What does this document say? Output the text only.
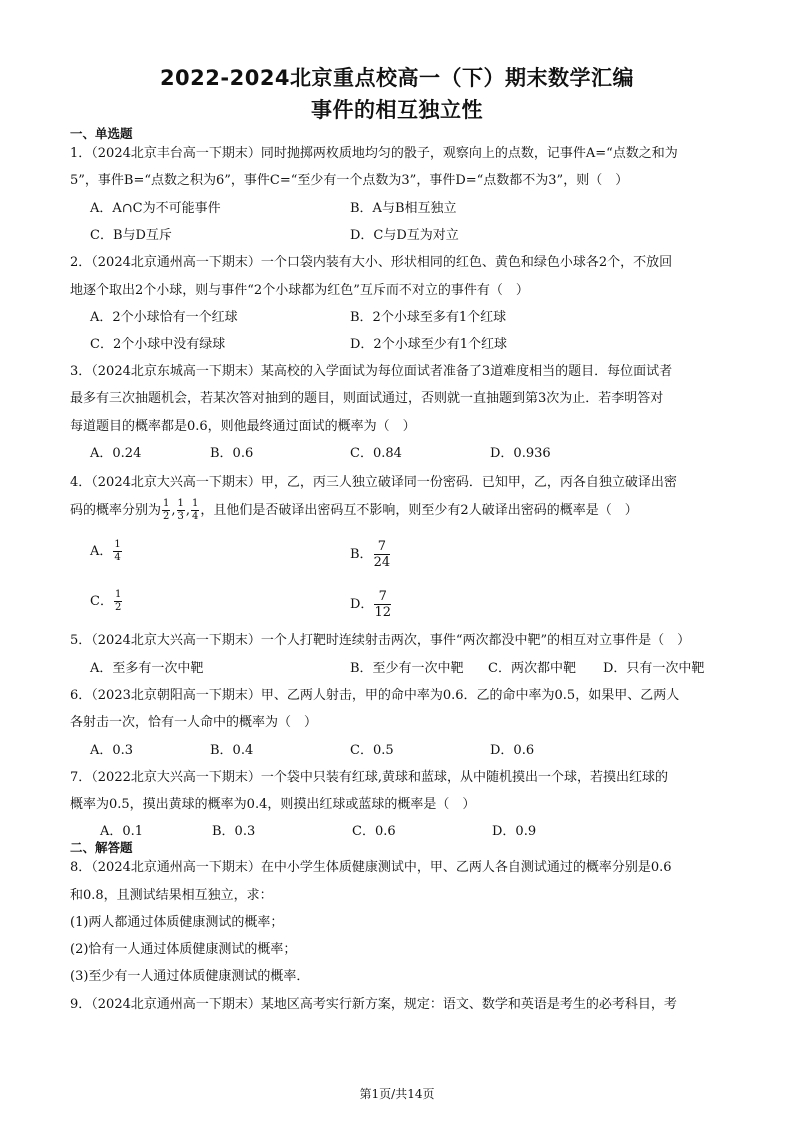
2022-2024北京重点校高一（下）期末数学汇编
事件的相互独立性
一、单选题
1．（2024北京丰台高一下期末）同时抛掷两枚质地均匀的骰子，观察向上的点数，记事件A=“点数之和为
5”，事件B=“点数之积为6”，事件C=“至少有一个点数为3”，事件D=“点数都不为3”，则（　）
A．A∩C为不可能事件	B．A与B相互独立
C．B与D互斥	D．C与D互为对立
2．（2024北京通州高一下期末）一个口袋内装有大小、形状相同的红色、黄色和绿色小球各2个，不放回
地逐个取出2个小球，则与事件“2个小球都为红色”互斥而不对立的事件有（　）
A．2个小球恰有一个红球	B．2个小球至多有1个红球
C．2个小球中没有绿球	D．2个小球至少有1个红球
3．（2024北京东城高一下期末）某高校的入学面试为每位面试者准备了3道难度相当的题目．每位面试者
最多有三次抽题机会，若某次答对抽到的题目，则面试通过，否则就一直抽题到第3次为止．若李明答对
每道题目的概率都是0.6，则他最终通过面试的概率为（　）
A．0.24	B．0.6	C．0.84	D．0.936
4．（2024北京大兴高一下期末）甲，乙，丙三人独立破译同一份密码．已知甲，乙，丙各自独立破译出密
码的概率分别为 $\frac{1}{2}$ , $\frac{1}{3}$ , $\frac{1}{4}$ ，且他们是否破译出密码互不影响，则至少有2人破译出密码的概率是（　）
A． $\frac{1}{4}$	B． $\frac{7}{24}$
C． $\frac{1}{2}$	D． $\frac{7}{12}$
5．（2024北京大兴高一下期末）一个人打靶时连续射击两次，事件“两次都没中靶”的相互对立事件是（　）
A．至多有一次中靶	B．至少有一次中靶 C．两次都中靶 D．只有一次中靶
6．（2023北京朝阳高一下期末）甲、乙两人射击，甲的命中率为0.6．乙的命中率为0.5，如果甲、乙两人
各射击一次，恰有一人命中的概率为（　）
A．0.3	B．0.4	C．0.5	D．0.6
7．（2022北京大兴高一下期末）一个袋中只装有红球,黄球和蓝球，从中随机摸出一个球，若摸出红球的
概率为0.5，摸出黄球的概率为0.4，则摸出红球或蓝球的概率是（　）
A．0.1	B．0.3	C．0.6	D．0.9
二、解答题
8．（2024北京通州高一下期末）在中小学生体质健康测试中，甲、乙两人各自测试通过的概率分别是0.6
和0.8，且测试结果相互独立，求：
(1)两人都通过体质健康测试的概率；
(2)恰有一人通过体质健康测试的概率；
(3)至少有一人通过体质健康测试的概率．
9．（2024北京通州高一下期末）某地区高考实行新方案，规定：语文、数学和英语是考生的必考科目，考
第1页/共14页
